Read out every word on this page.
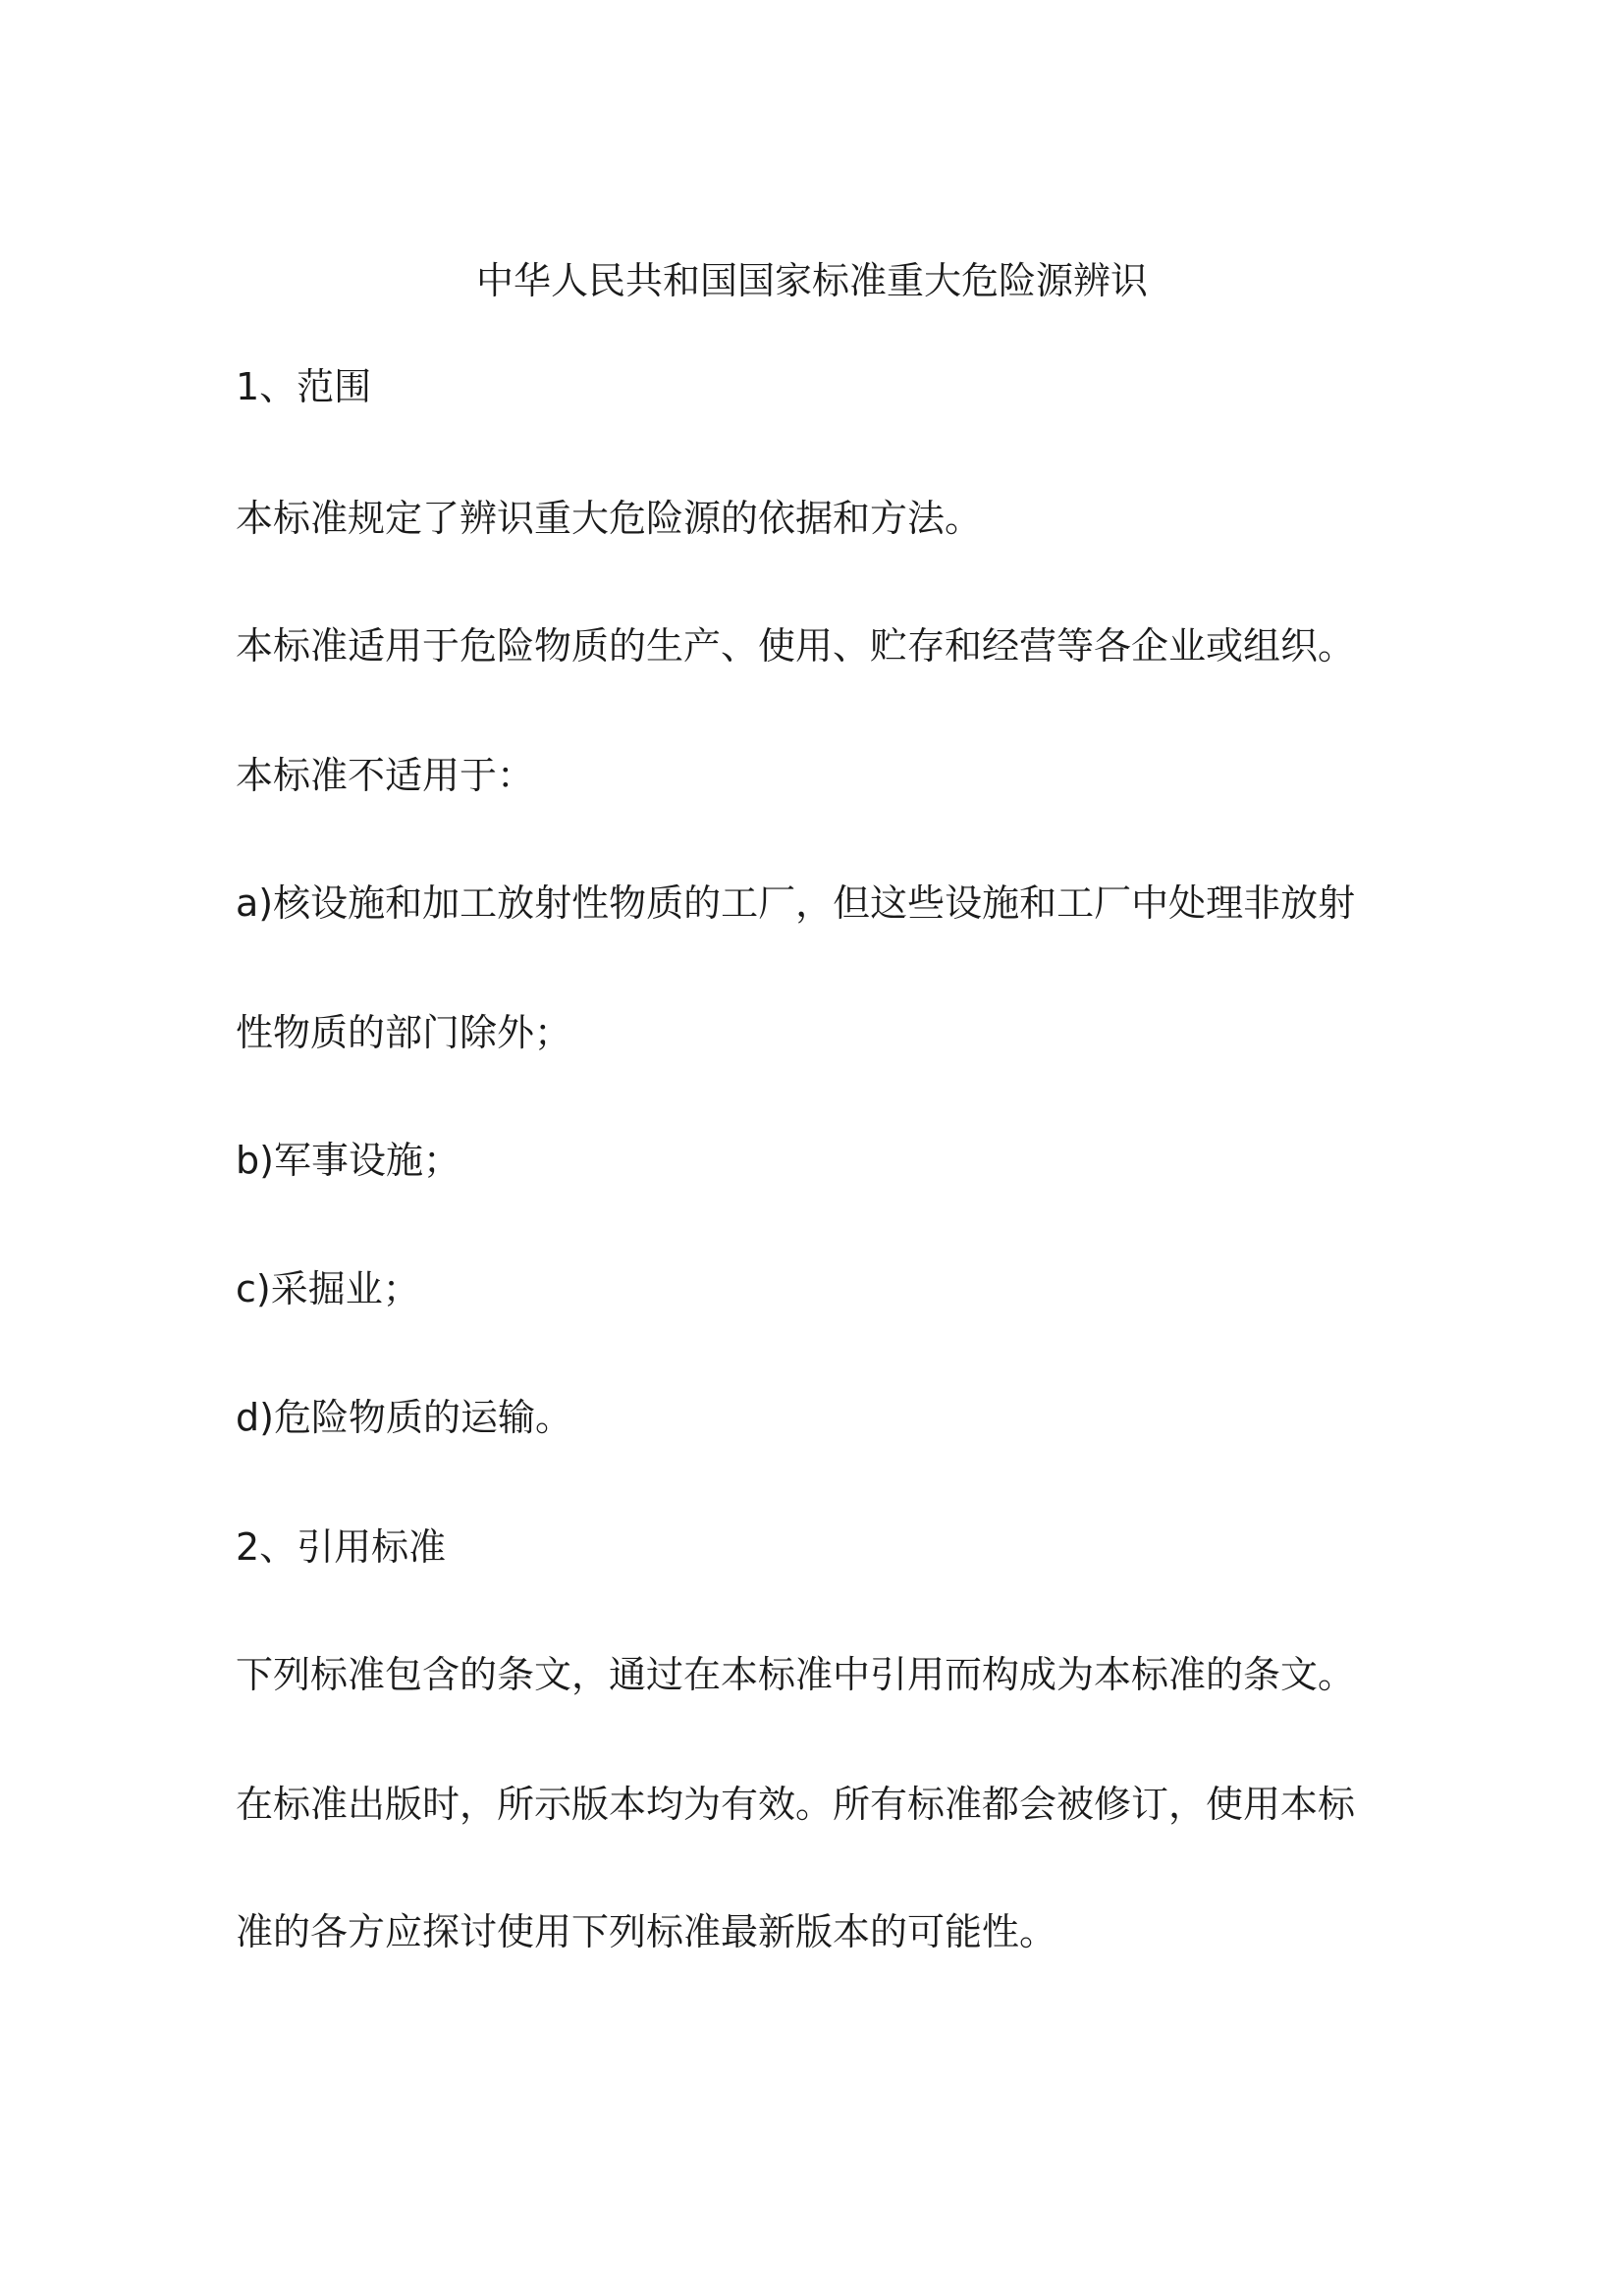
中华人民共和国国家标准重大危险源辨识
1、范围
本标准规定了辨识重大危险源的依据和方法。
本标准适用于危险物质的生产、使用、贮存和经营等各企业或组织。
本标准不适用于：
a)核设施和加工放射性物质的工厂，但这些设施和工厂中处理非放射
性物质的部门除外；
b)军事设施；
c)采掘业；
d)危险物质的运输。
2、引用标准
下列标准包含的条文，通过在本标准中引用而构成为本标准的条文。
在标准出版时，所示版本均为有效。所有标准都会被修订，使用本标
准的各方应探讨使用下列标准最新版本的可能性。
